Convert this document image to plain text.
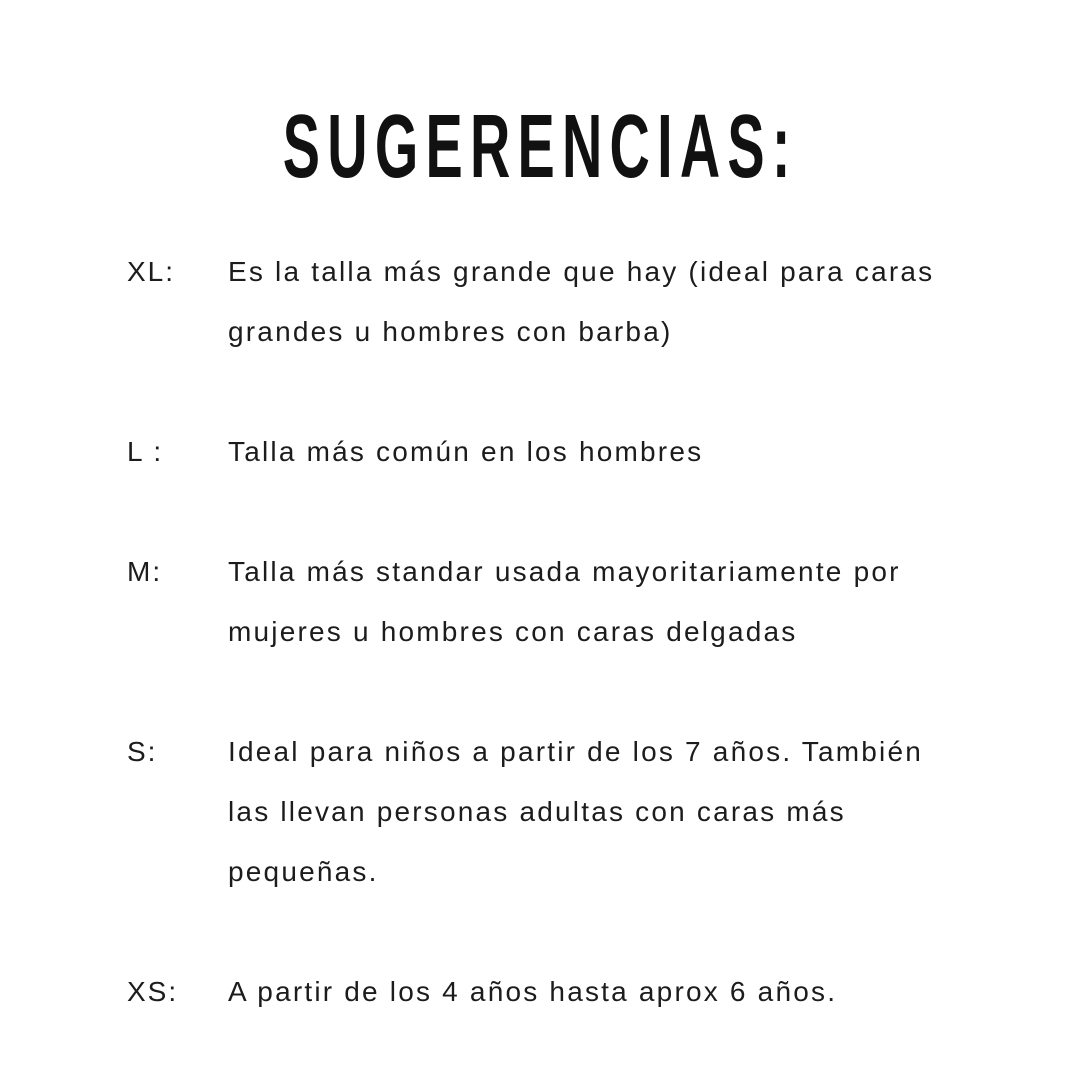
SUGERENCIAS:
XL:	Es la talla más grande que hay (ideal para caras
grandes u hombres con barba)
L :	Talla más común en los hombres
M:	Talla más standar usada mayoritariamente por
mujeres u hombres con caras delgadas
S:	Ideal para niños a partir de los 7 años. También
las llevan personas adultas con caras más
pequeñas.
XS:	A partir de los 4 años hasta aprox 6 años.
